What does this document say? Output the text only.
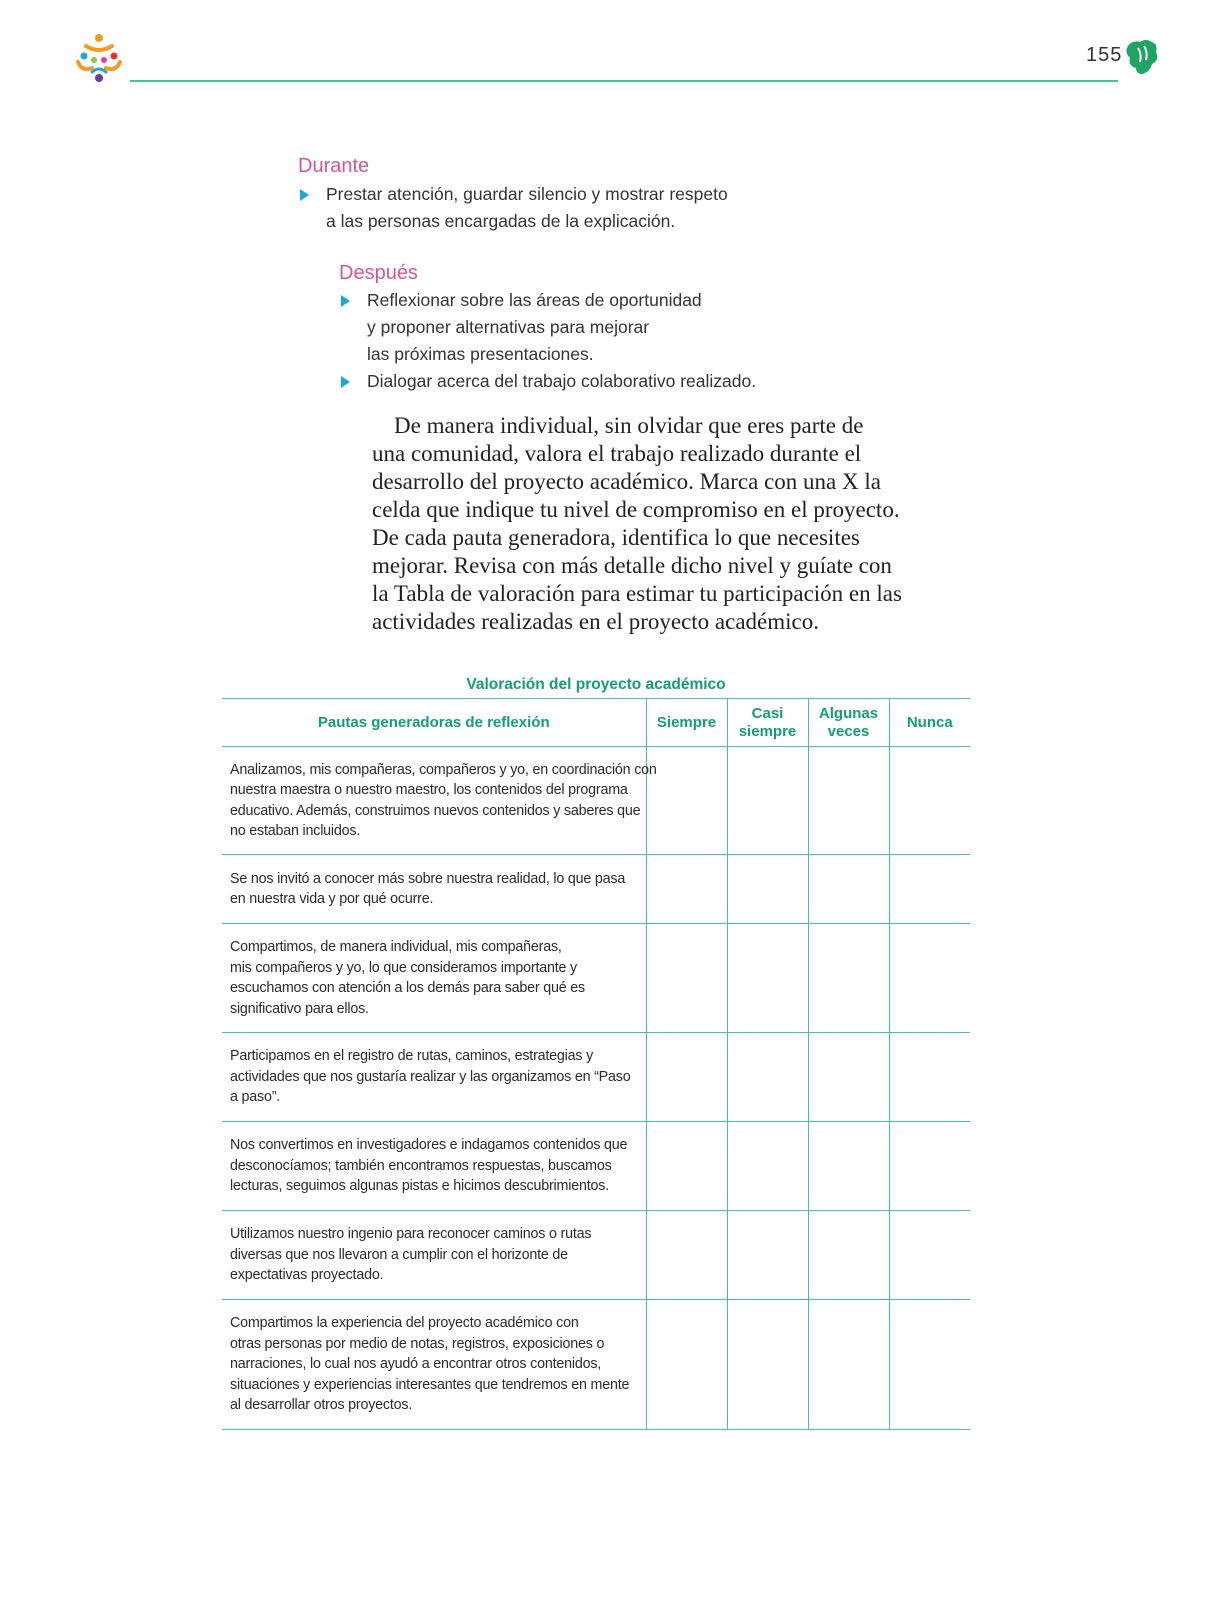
155
Durante
Prestar atención, guardar silencio y mostrar respeto
a las personas encargadas de la explicación.
Después
Reflexionar sobre las áreas de oportunidad
y proponer alternativas para mejorar
las próximas presentaciones.
Dialogar acerca del trabajo colaborativo realizado.
De manera individual, sin olvidar que eres parte de
una comunidad, valora el trabajo realizado durante el
desarrollo del proyecto académico. Marca con una X la
celda que indique tu nivel de compromiso en el proyecto.
De cada pauta generadora, identifica lo que necesites
mejorar. Revisa con más detalle dicho nivel y guíate con
la Tabla de valoración para estimar tu participación en las
actividades realizadas en el proyecto académico.
Valoración del proyecto académico
Pautas generadoras de reflexión	Siempre	Casi
siempre	Algunas
veces	Nunca

Analizamos, mis compañeras, compañeros y yo, en coordinación con
nuestra maestra o nuestro maestro, los contenidos del programa
educativo. Además, construimos nuevos contenidos y saberes que
no estaban incluidos.				

Se nos invitó a conocer más sobre nuestra realidad, lo que pasa
en nuestra vida y por qué ocurre.				

Compartimos, de manera individual, mis compañeras,
mis compañeros y yo, lo que consideramos importante y
escuchamos con atención a los demás para saber qué es
significativo para ellos.				

Participamos en el registro de rutas, caminos, estrategias y
actividades que nos gustaría realizar y las organizamos en “Paso
a paso”.				

Nos convertimos en investigadores e indagamos contenidos que
desconocíamos; también encontramos respuestas, buscamos
lecturas, seguimos algunas pistas e hicimos descubrimientos.				

Utilizamos nuestro ingenio para reconocer caminos o rutas
diversas que nos llevaron a cumplir con el horizonte de
expectativas proyectado.				

Compartimos la experiencia del proyecto académico con
otras personas por medio de notas, registros, exposiciones o
narraciones, lo cual nos ayudó a encontrar otros contenidos,
situaciones y experiencias interesantes que tendremos en mente
al desarrollar otros proyectos.				
